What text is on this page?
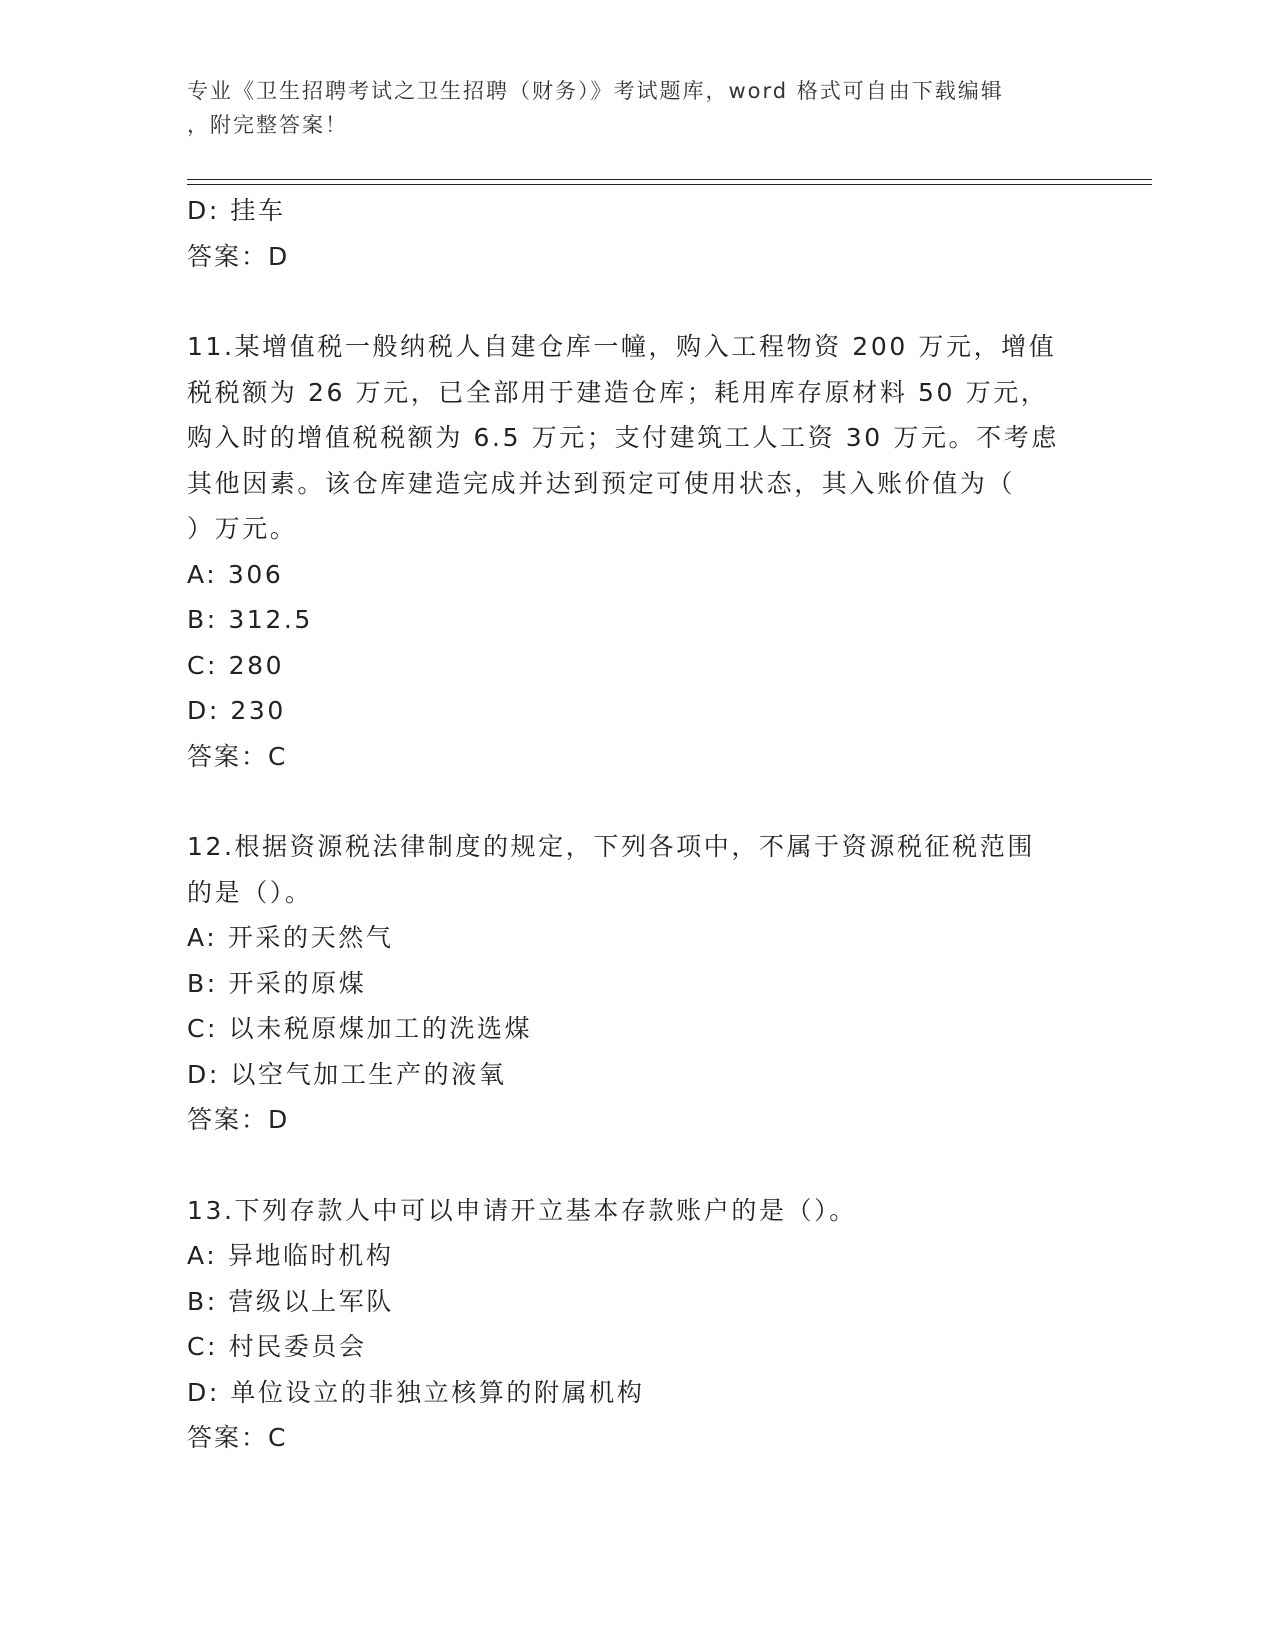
专业《卫生招聘考试之卫生招聘（财务）》考试题库，word 格式可自由下载编辑

，附完整答案！

D: 挂车

答案：D

11.某增值税一般纳税人自建仓库一幢，购入工程物资 200 万元，增值

税税额为 26 万元，已全部用于建造仓库；耗用库存原材料 50 万元，

购入时的增值税税额为 6.5 万元；支付建筑工人工资 30 万元。不考虑

其他因素。该仓库建造完成并达到预定可使用状态，其入账价值为（

）万元。

A: 306

B: 312.5

C: 280

D: 230

答案：C

12.根据资源税法律制度的规定，下列各项中，不属于资源税征税范围

的是（）。

A: 开采的天然气

B: 开采的原煤

C: 以未税原煤加工的洗选煤

D: 以空气加工生产的液氧

答案：D

13.下列存款人中可以申请开立基本存款账户的是（）。

A: 异地临时机构

B: 营级以上军队

C: 村民委员会

D: 单位设立的非独立核算的附属机构

答案：C
